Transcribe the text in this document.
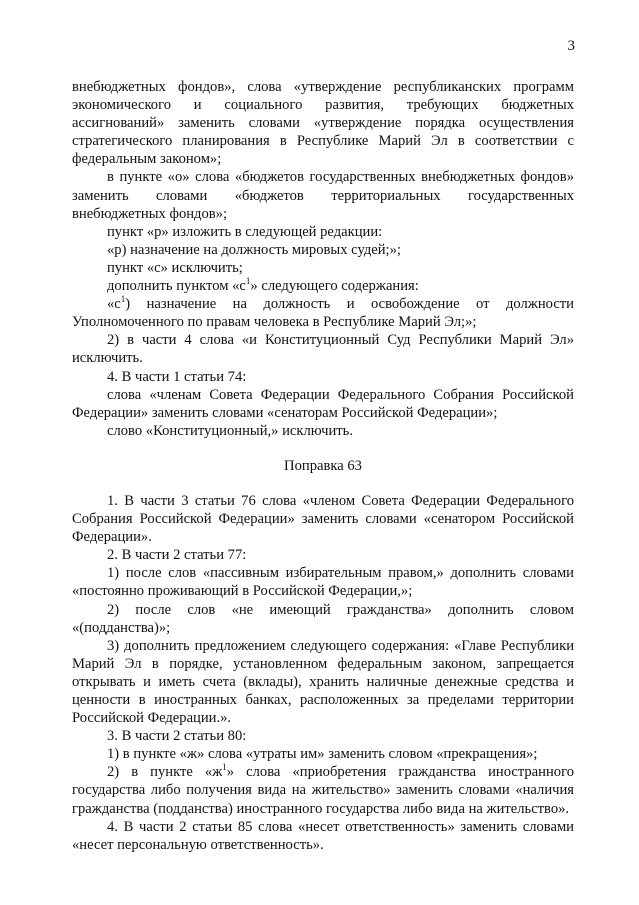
3

внебюджетных фондов», слова «утверждение республиканских программ экономического и социального развития, требующих бюджетных ассигнований» заменить словами «утверждение порядка осуществления стратегического планирования в Республике Марий Эл в соответствии с федеральным законом»;

в пункте «о» слова «бюджетов государственных внебюджетных фондов» заменить словами «бюджетов территориальных государственных внебюджетных фондов»;

пункт «р» изложить в следующей редакции:

«р) назначение на должность мировых судей;»;

пункт «с» исключить;

дополнить пунктом «$с^1$» следующего содержания:

«$с^1$) назначение на должность и освобождение от должности Уполномоченного по правам человека в Республике Марий Эл;»;

2) в части 4 слова «и Конституционный Суд Республики Марий Эл» исключить.

4. В части 1 статьи 74:

слова «членам Совета Федерации Федерального Собрания Российской Федерации» заменить словами «сенаторам Российской Федерации»;

слово «Конституционный,» исключить.

Поправка 63

1. В части 3 статьи 76 слова «членом Совета Федерации Федерального Собрания Российской Федерации» заменить словами «сенатором Российской Федерации».

2. В части 2 статьи 77:

1) после слов «пассивным избирательным правом,» дополнить словами «постоянно проживающий в Российской Федерации,»;

2) после слов «не имеющий гражданства» дополнить словом «(подданства)»;

3) дополнить предложением следующего содержания: «Главе Республики Марий Эл в порядке, установленном федеральным законом, запрещается открывать и иметь счета (вклады), хранить наличные денежные средства и ценности в иностранных банках, расположенных за пределами территории Российской Федерации.».

3. В части 2 статьи 80:

1) в пункте «ж» слова «утраты им» заменить словом «прекращения»;

2) в пункте «$ж^1$» слова «приобретения гражданства иностранного государства либо получения вида на жительство» заменить словами «наличия гражданства (подданства) иностранного государства либо вида на жительство».

4. В части 2 статьи 85 слова «несет ответственность» заменить словами «несет персональную ответственность».
